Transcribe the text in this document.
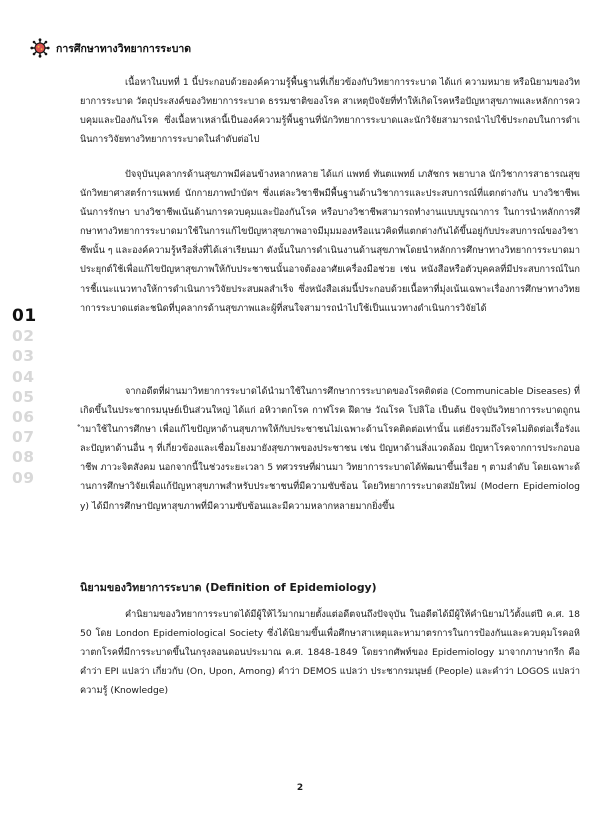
การศึกษาทางวิทยาการระบาด
01
02
03
04
05
06
07
08
09

เนื้อหาในบทที่ 1 นี้ประกอบด้วยองค์ความรู้พื้นฐานที่เกี่ยวข้องกับวิทยาการระบาด ได้แก่ ความหมาย หรือนิยามของวิทยาการระบาด วัตถุประสงค์ของวิทยาการระบาด ธรรมชาติของโรค สาเหตุปัจจัยที่ทำให้เกิดโรคหรือปัญหาสุขภาพและหลักการควบคุมและป้องกันโรค ซึ่งเนื้อหาเหล่านี้เป็นองค์ความรู้พื้นฐานที่นักวิทยาการระบาดและนักวิจัยสามารถนำไปใช้ประกอบในการดำเนินการวิจัยทางวิทยาการระบาดในลำดับต่อไป

ปัจจุบันบุคลากรด้านสุขภาพมีค่อนข้างหลากหลาย ได้แก่ แพทย์ ทันตแพทย์ เภสัชกร พยาบาล นักวิชาการสาธารณสุข นักวิทยาศาสตร์การแพทย์ นักกายภาพบำบัดฯ ซึ่งแต่ละวิชาชีพมีพื้นฐานด้านวิชาการและประสบการณ์ที่แตกต่างกัน บางวิชาชีพเน้นการรักษา บางวิชาชีพเน้นด้านการควบคุมและป้องกันโรค หรือบางวิชาชีพสามารถทำงานแบบบูรณาการ ในการนำหลักการศึกษาทางวิทยาการระบาดมาใช้ในการแก้ไขปัญหาสุขภาพอาจมีมุมมองหรือแนวคิดที่แตกต่างกันได้ขึ้นอยู่กับประสบการณ์ของวิชาชีพนั้น ๆ และองค์ความรู้หรือสิ่งที่ได้เล่าเรียนมา ดังนั้นในการดำเนินงานด้านสุขภาพโดยนำหลักการศึกษาทางวิทยาการระบาดมาประยุกต์ใช้เพื่อแก้ไขปัญหาสุขภาพให้กับประชาชนนั้นอาจต้องอาศัยเครื่องมือช่วย เช่น หนังสือหรือตัวบุคคลที่มีประสบการณ์ในการชี้แนะแนวทางให้การดำเนินการวิจัยประสบผลสำเร็จ ซึ่งหนังสือเล่มนี้ประกอบด้วยเนื้อหาที่มุ่งเน้นเฉพาะเรื่องการศึกษาทางวิทยาการระบาดแต่ละชนิดที่บุคลากรด้านสุขภาพและผู้ที่สนใจสามารถนำไปใช้เป็นแนวทางดำเนินการวิจัยได้

จากอดีตที่ผ่านมาวิทยาการระบาดได้นำมาใช้ในการศึกษาการระบาดของโรคติดต่อ (Communicable Diseases) ที่เกิดขึ้นในประชากรมนุษย์เป็นส่วนใหญ่ ได้แก่ อหิวาตกโรค กาฬโรค ฝีดาษ วัณโรค โปลิโอ เป็นต้น ปัจจุบันวิทยาการระบาดถูกนำมาใช้ในการศึกษา เพื่อแก้ไขปัญหาด้านสุขภาพให้กับประชาชนไม่เฉพาะด้านโรคติดต่อเท่านั้น แต่ยังรวมถึงโรคไม่ติดต่อเรื้อรังและปัญหาด้านอื่น ๆ ที่เกี่ยวข้องและเชื่อมโยงมายังสุขภาพของประชาชน เช่น ปัญหาด้านสิ่งแวดล้อม ปัญหาโรคจากการประกอบอาชีพ ภาวะจิตสังคม นอกจากนี้ในช่วงระยะเวลา 5 ทศวรรษที่ผ่านมา วิทยาการระบาดได้พัฒนาขึ้นเรื่อย ๆ ตามลำดับ โดยเฉพาะด้านการศึกษาวิจัยเพื่อแก้ปัญหาสุขภาพสำหรับประชาชนที่มีความซับซ้อน โดยวิทยาการระบาดสมัยใหม่ (Modern Epidemiology) ได้มีการศึกษาปัญหาสุขภาพที่มีความซับซ้อนและมีความหลากหลายมากยิ่งขึ้น

นิยามของวิทยาการระบาด (Definition of Epidemiology)

คำนิยามของวิทยาการระบาดได้มีผู้ให้ไว้มากมายตั้งแต่อดีตจนถึงปัจจุบัน ในอดีตได้มีผู้ให้คำนิยามไว้ตั้งแต่ปี ค.ศ. 1850 โดย London Epidemiological Society ซึ่งได้นิยามขึ้นเพื่อศึกษาสาเหตุและหามาตรการในการป้องกันและควบคุมโรคอหิวาตกโรคที่มีการระบาดขึ้นในกรุงลอนดอนประมาณ ค.ศ. 1848-1849 โดยรากศัพท์ของ Epidemiology มาจากภาษากรีก คือ คำว่า EPI แปลว่า เกี่ยวกับ (On, Upon, Among) คำว่า DEMOS แปลว่า ประชากรมนุษย์ (People) และคำว่า LOGOS แปลว่า ความรู้ (Knowledge)

2
